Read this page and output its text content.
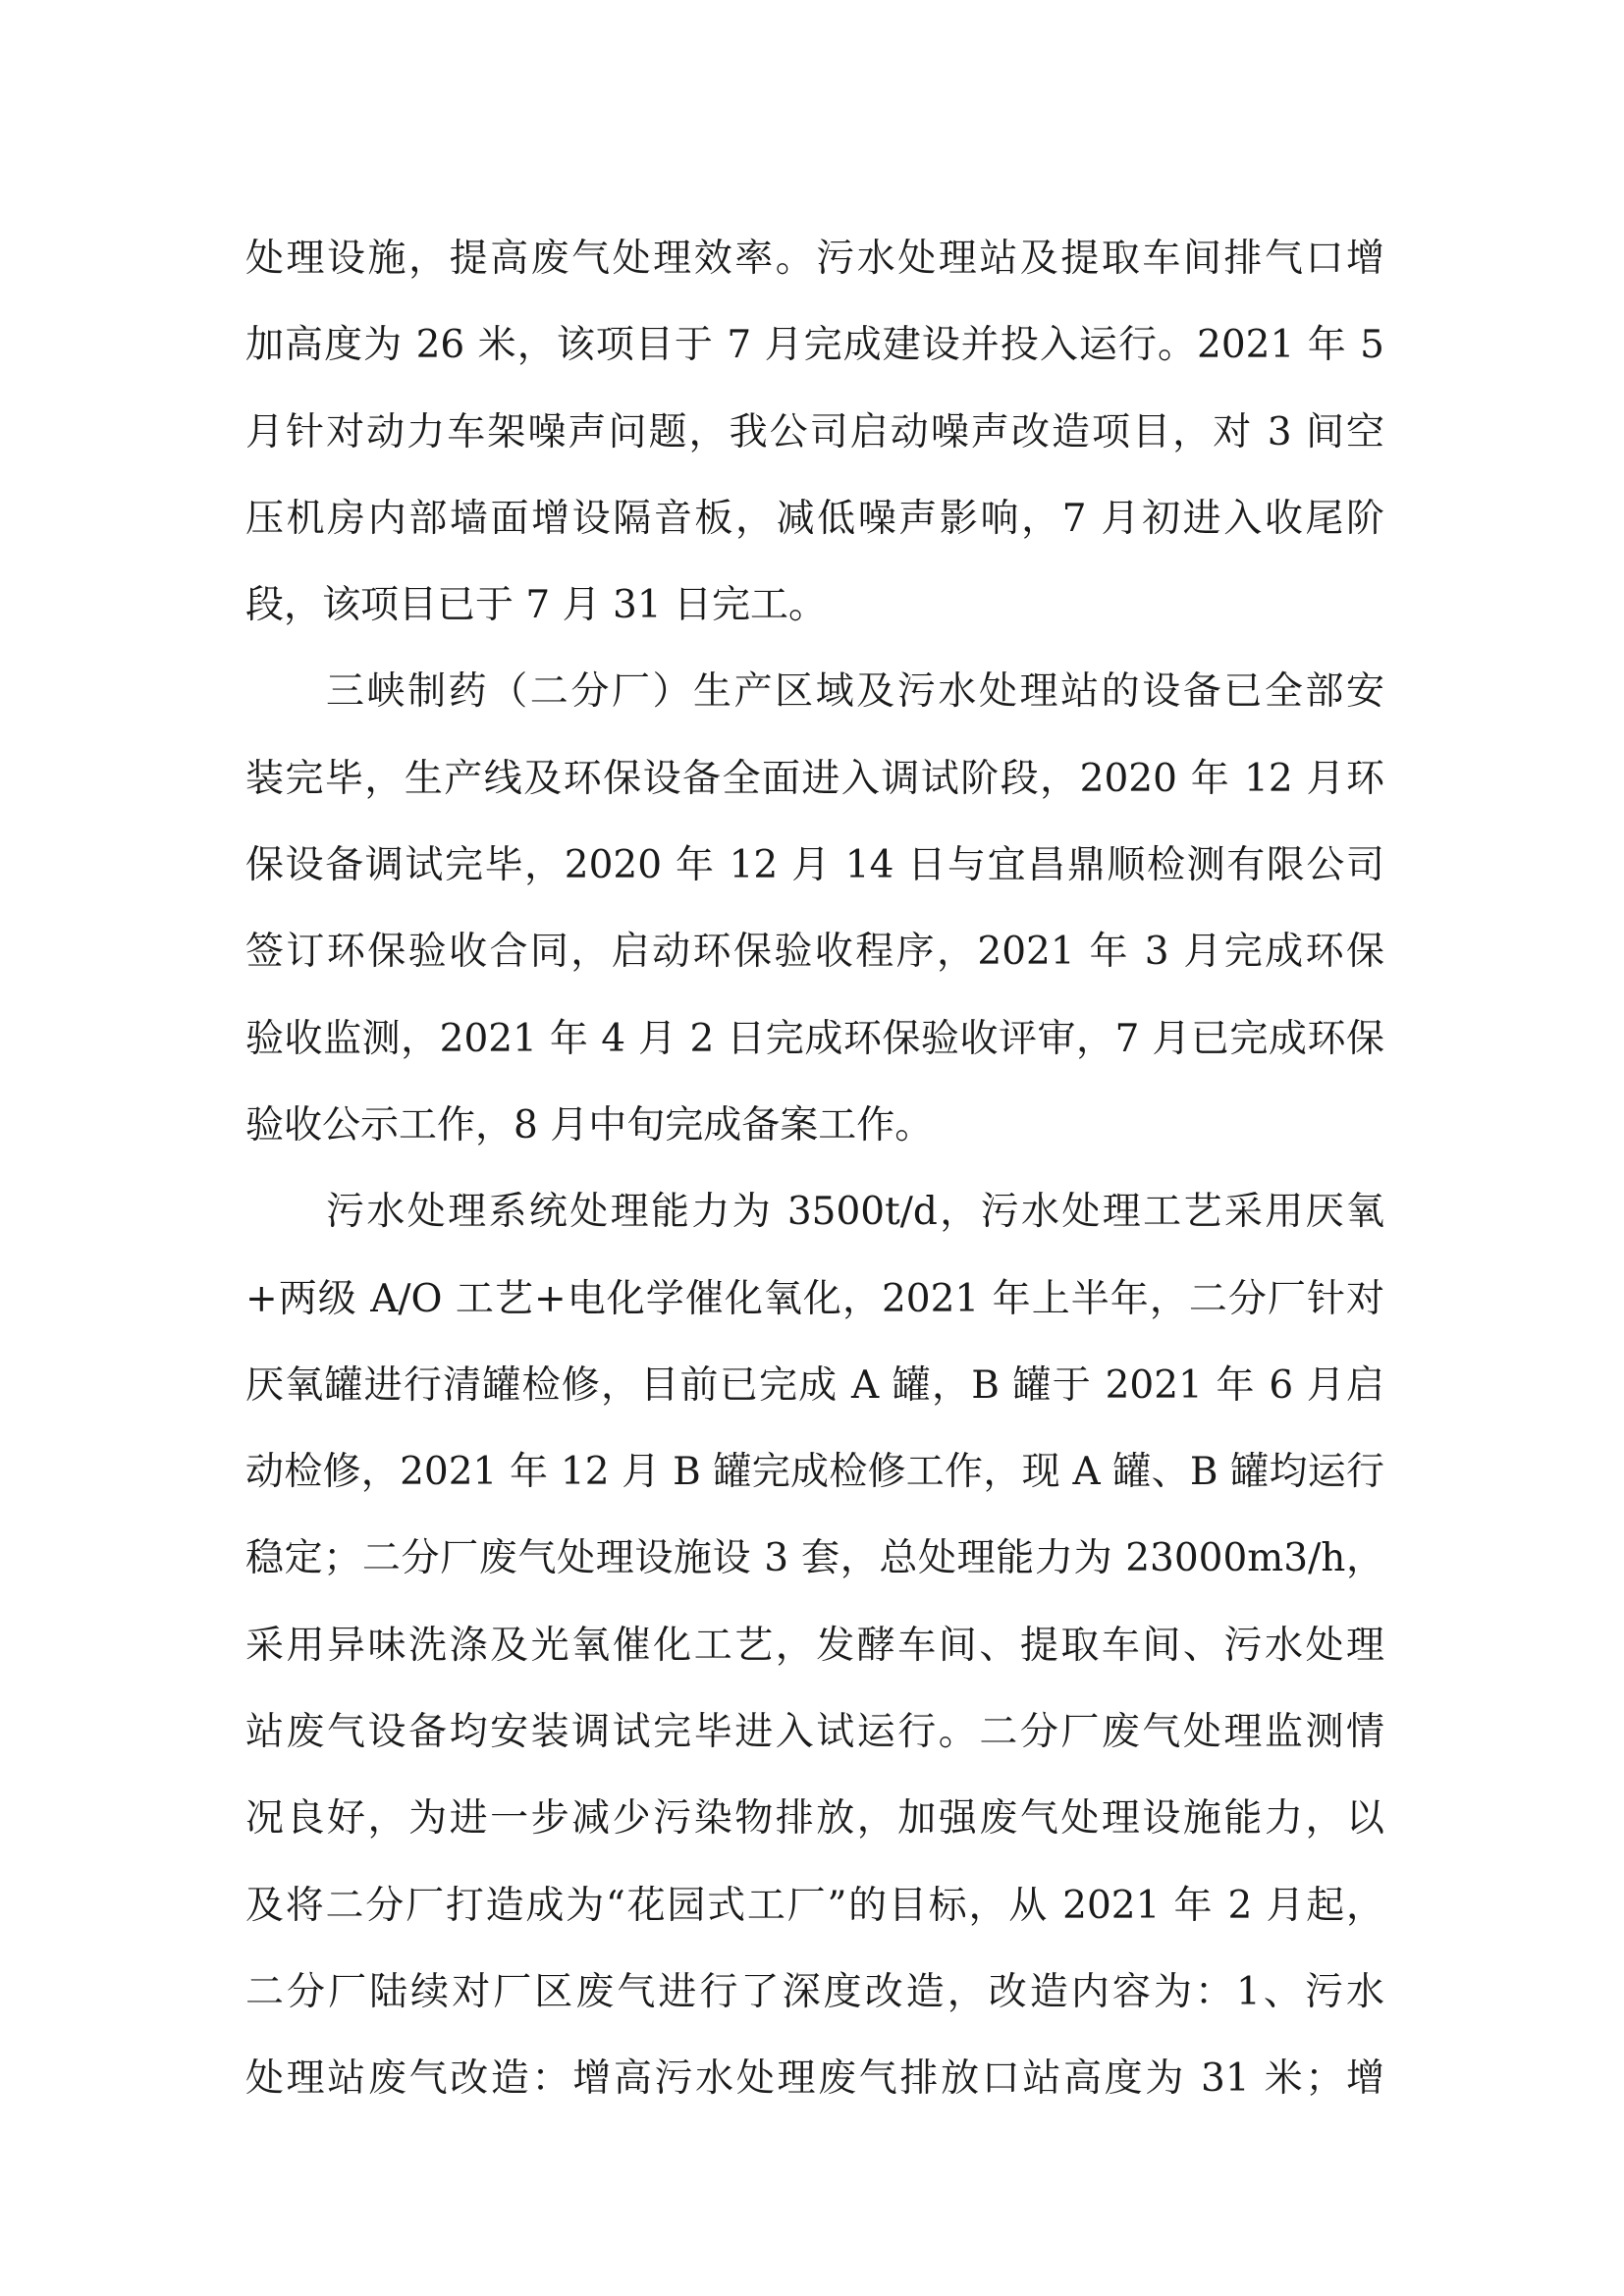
处理设施，提高废气处理效率。污水处理站及提取车间排气口增
加高度为 26 米，该项目于 7 月完成建设并投入运行。2021 年 5
月针对动力车架噪声问题，我公司启动噪声改造项目，对 3 间空
压机房内部墙面增设隔音板，减低噪声影响，7 月初进入收尾阶
段，该项目已于 7 月 31 日完工。
三峡制药（二分厂）生产区域及污水处理站的设备已全部安
装完毕，生产线及环保设备全面进入调试阶段，2020 年 12 月环
保设备调试完毕，2020 年 12 月 14 日与宜昌鼎顺检测有限公司
签订环保验收合同，启动环保验收程序，2021 年 3 月完成环保
验收监测，2021 年 4 月 2 日完成环保验收评审，7 月已完成环保
验收公示工作，8 月中旬完成备案工作。
污水处理系统处理能力为 3500t/d，污水处理工艺采用厌氧
+两级 A/O 工艺+电化学催化氧化，2021 年上半年，二分厂针对
厌氧罐进行清罐检修，目前已完成 A 罐，B 罐于 2021 年 6 月启
动检修，2021 年 12 月 B 罐完成检修工作，现 A 罐、B 罐均运行
稳定；二分厂废气处理设施设 3 套，总处理能力为 23000m3/h，
采用异味洗涤及光氧催化工艺，发酵车间、提取车间、污水处理
站废气设备均安装调试完毕进入试运行。二分厂废气处理监测情
况良好，为进一步减少污染物排放，加强废气处理设施能力，以
及将二分厂打造成为“花园式工厂”的目标，从 2021 年 2 月起，
二分厂陆续对厂区废气进行了深度改造，改造内容为：1、污水
处理站废气改造：增高污水处理废气排放口站高度为 31 米；增
